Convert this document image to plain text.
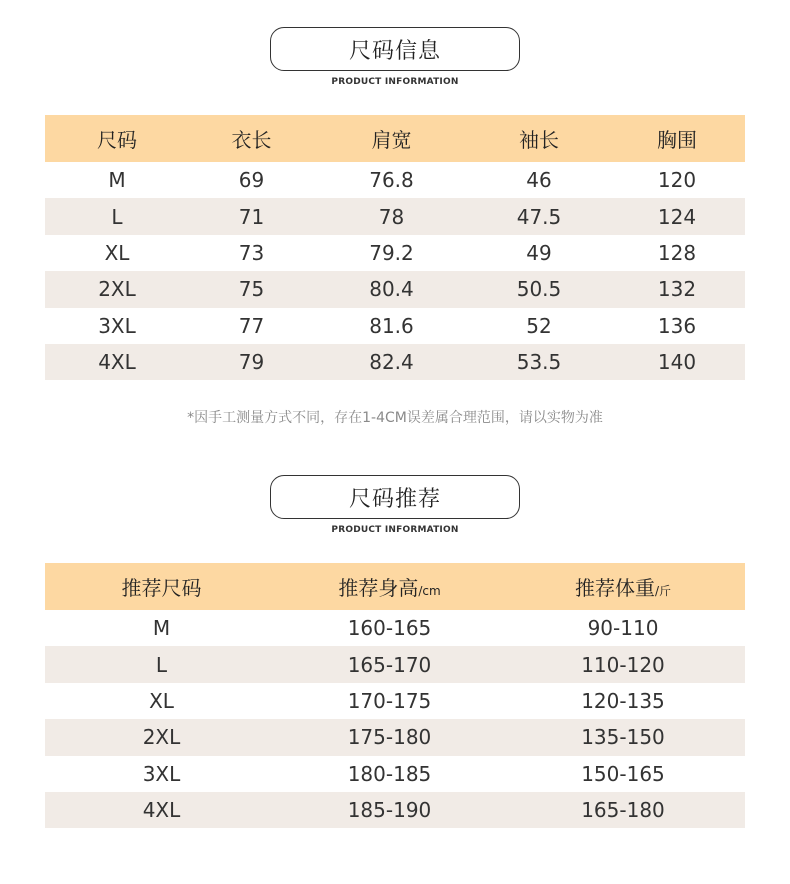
尺码信息
PRODUCT INFORMATION
尺码	衣长	肩宽	袖长	胸围
M	69	76.8	46	120
L	71	78	47.5	124
XL	73	79.2	49	128
2XL	75	80.4	50.5	132
3XL	77	81.6	52	136
4XL	79	82.4	53.5	140
*因手工测量方式不同，存在1-4CM误差属合理范围，请以实物为准
尺码推荐
PRODUCT INFORMATION
推荐尺码	推荐身高/cm	推荐体重/斤
M	160-165	90-110
L	165-170	110-120
XL	170-175	120-135
2XL	175-180	135-150
3XL	180-185	150-165
4XL	185-190	165-180
